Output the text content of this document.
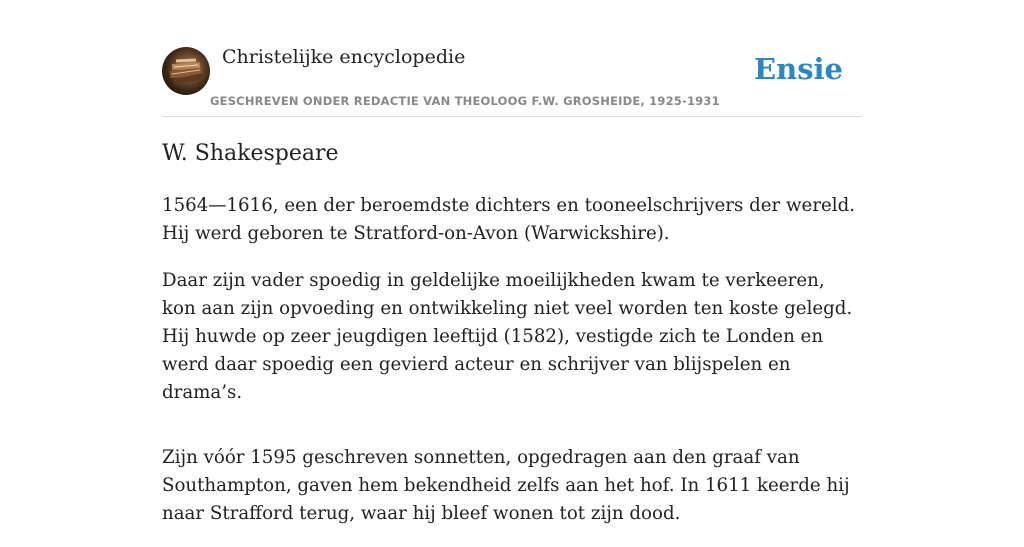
Christelijke encyclopedie
GESCHREVEN ONDER REDACTIE VAN THEOLOOG F.W. GROSHEIDE, 1925-1931
Ensie
W. Shakespeare

1564—1616, een der beroemdste dichters en tooneelschrijvers der wereld. Hij werd geboren te Stratford-on-Avon (Warwickshire).

Daar zijn vader spoedig in geldelijke moeilijkheden kwam te verkeeren, kon aan zijn opvoeding en ontwikkeling niet veel worden ten koste gelegd. Hij huwde op zeer jeugdigen leeftijd (1582), vestigde zich te Londen en werd daar spoedig een gevierd acteur en schrijver van blijspelen en drama’s.

Zijn vóór 1595 geschreven sonnetten, opgedragen aan den graaf van Southampton, gaven hem bekendheid zelfs aan het hof. In 1611 keerde hij naar Strafford terug, waar hij bleef wonen tot zijn dood.
